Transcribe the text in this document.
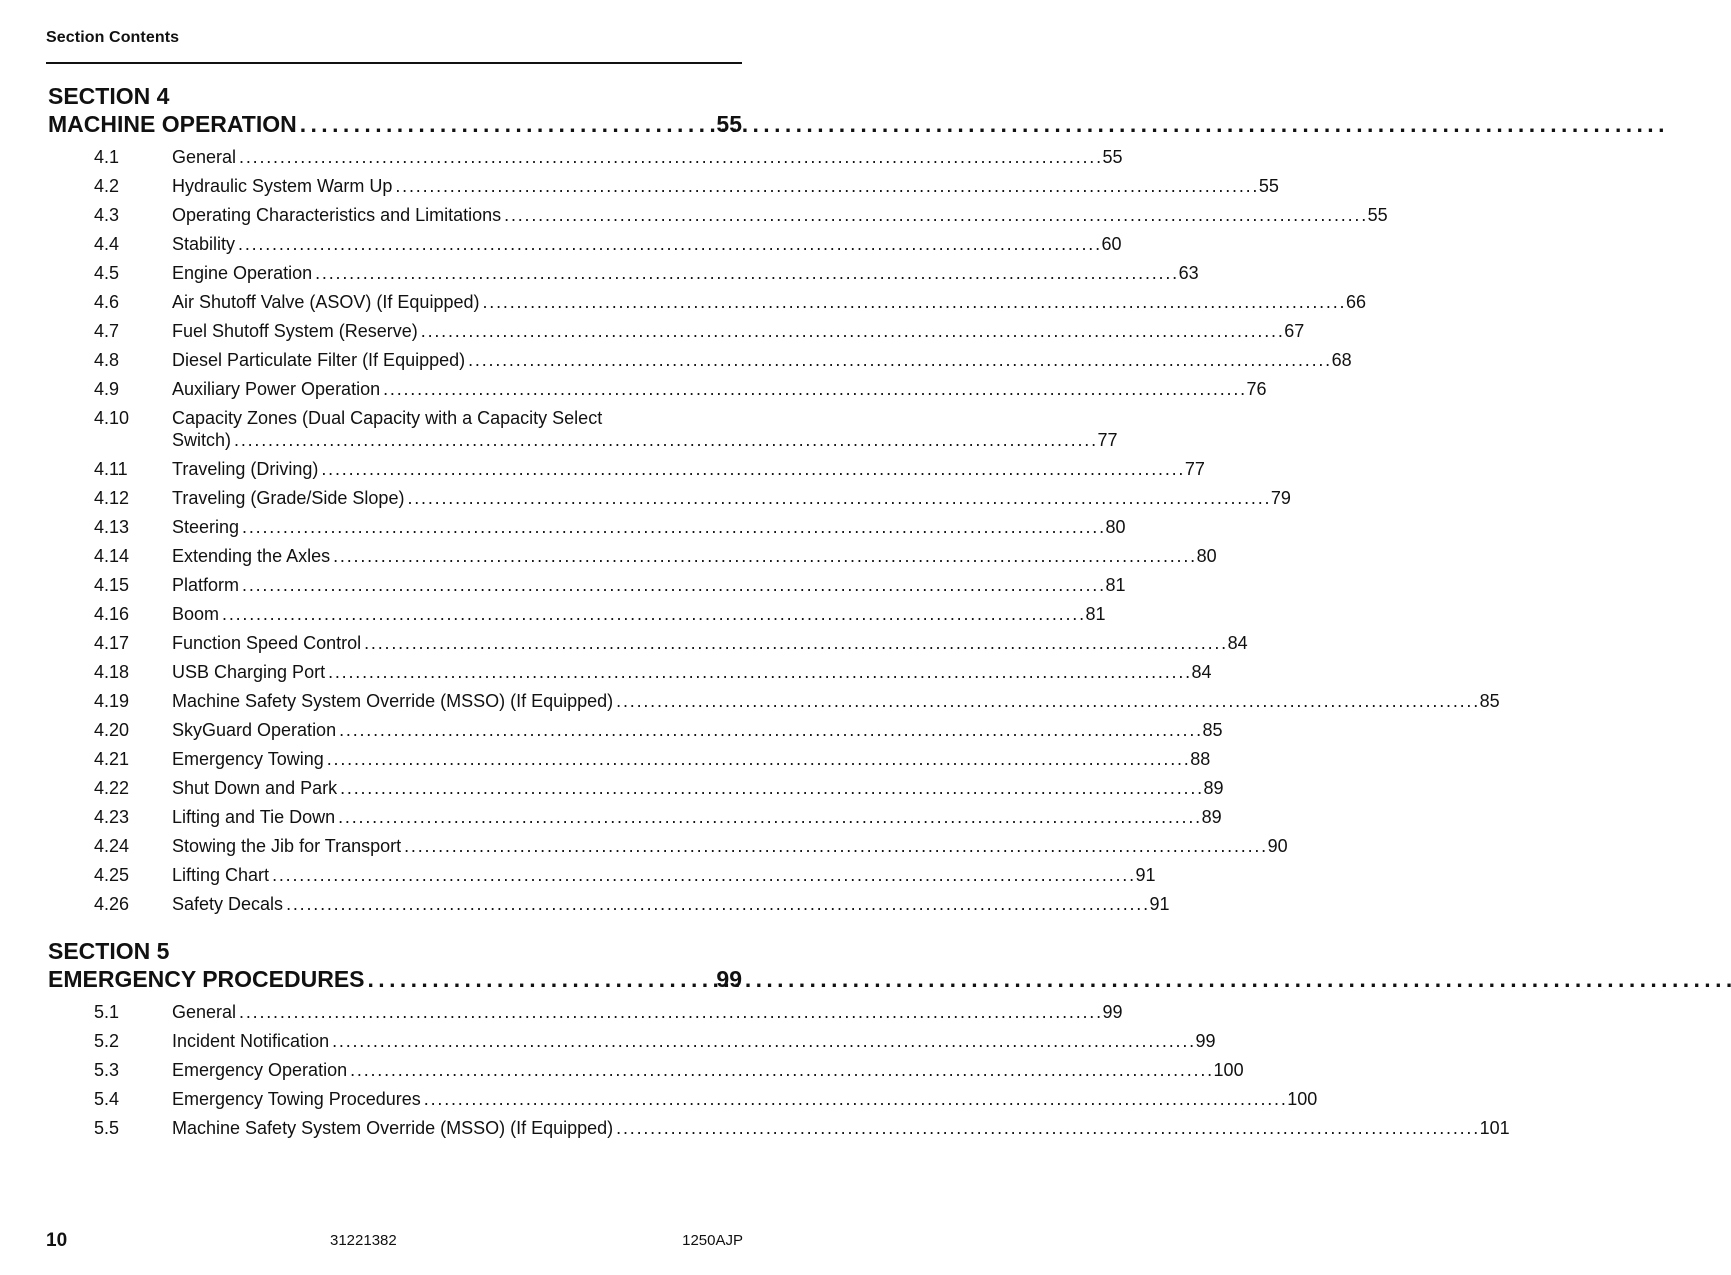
Section Contents
SECTION 4
MACHINE OPERATION . . .	55
4.1	General . . .	55
4.2	Hydraulic System Warm Up . . .	55
4.3	Operating Characteristics and Limitations . . .	55
4.4	Stability . . .	60
4.5	Engine Operation . . .	63
4.6	Air Shutoff Valve (ASOV) (If Equipped) . . .	66
4.7	Fuel Shutoff System (Reserve) . . .	67
4.8	Diesel Particulate Filter (If Equipped) . . .	68
4.9	Auxiliary Power Operation . . .	76
4.10	Capacity Zones (Dual Capacity with a Capacity Select
Switch) . . .	77
4.11	Traveling (Driving) . . .	77
4.12	Traveling (Grade/Side Slope) . . .	79
4.13	Steering . . .	80
4.14	Extending the Axles . . .	80
4.15	Platform . . .	81
4.16	Boom . . .	81
4.17	Function Speed Control . . .	84
4.18	USB Charging Port . . .	84
4.19	Machine Safety System Override (MSSO) (If Equipped) . . .	85
4.20	SkyGuard Operation . . .	85
4.21	Emergency Towing . . .	88
4.22	Shut Down and Park . . .	89
4.23	Lifting and Tie Down . . .	89
4.24	Stowing the Jib for Transport . . .	90
4.25	Lifting Chart . . .	91
4.26	Safety Decals . . .	91
SECTION 5
EMERGENCY PROCEDURES . . .	99
5.1	General . . .	99
5.2	Incident Notification . . .	99
5.3	Emergency Operation . . .	100
5.4	Emergency Towing Procedures . . .	100
5.5	Machine Safety System Override (MSSO) (If Equipped) . . .	101
10	31221382	1250AJP
